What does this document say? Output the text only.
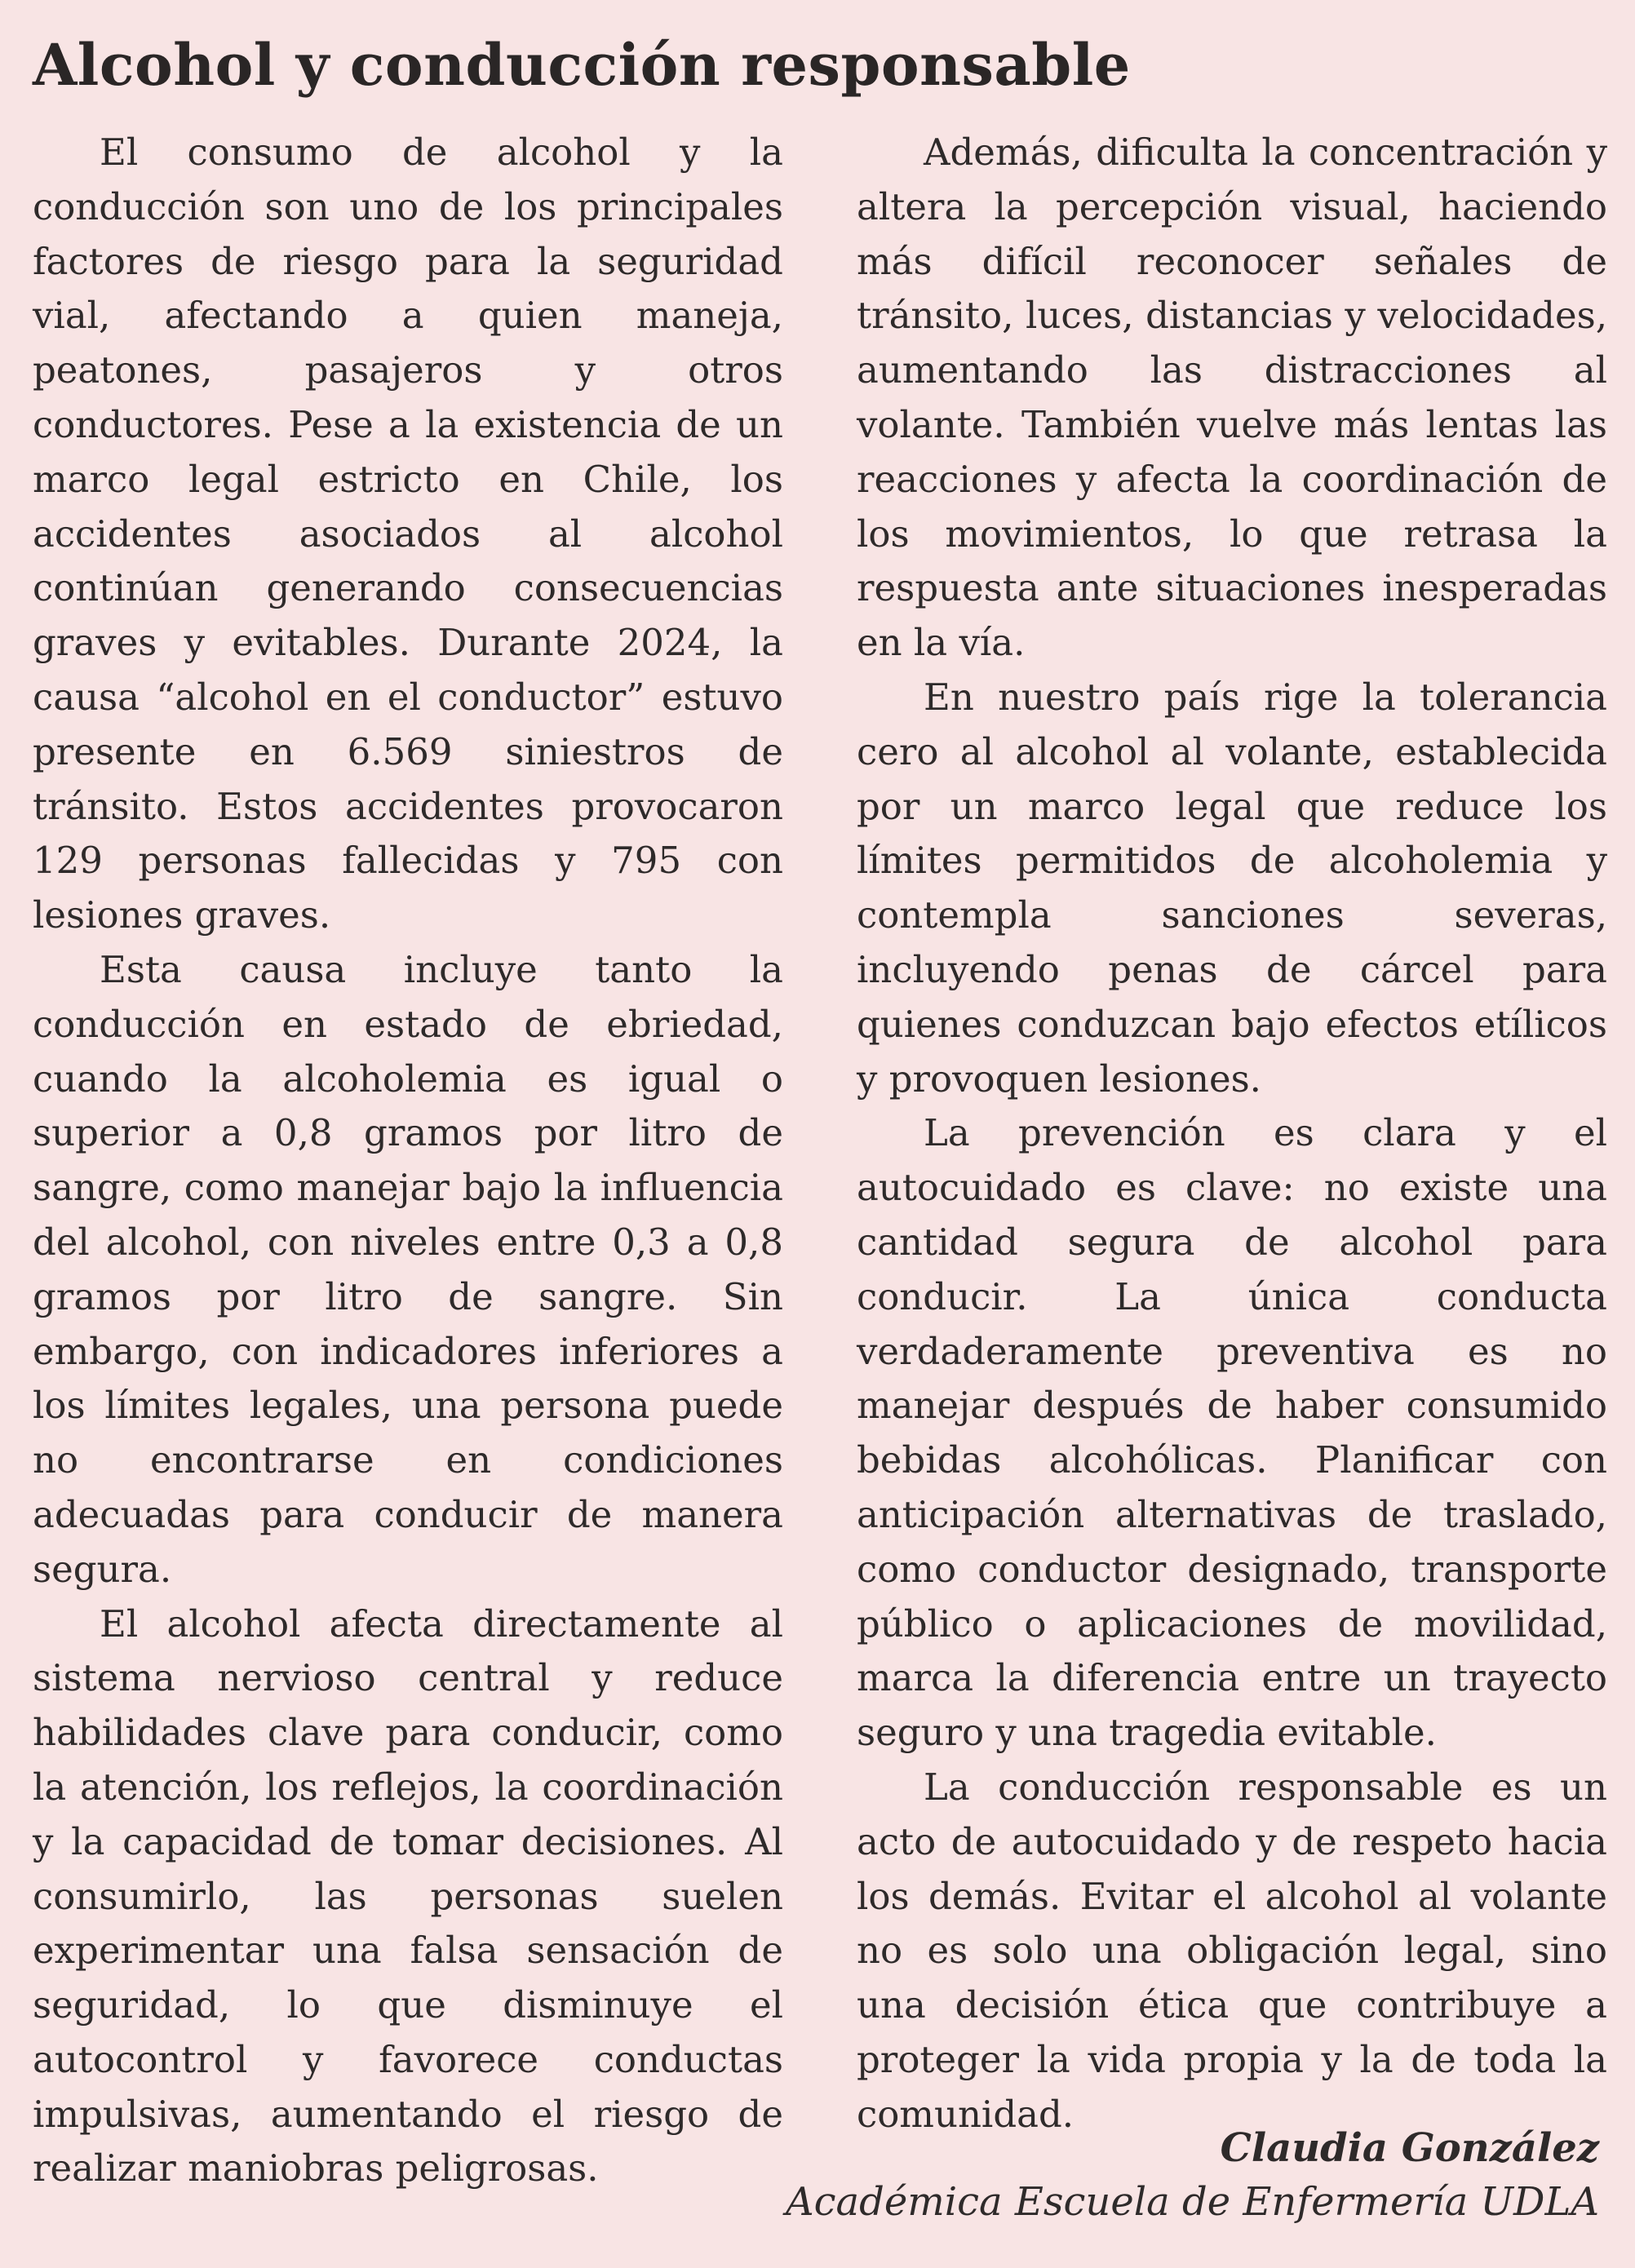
Alcohol y conducción responsable

El consumo de alcohol y la conducción son uno de los principales factores de riesgo para la seguridad vial, afectando a quien maneja, peatones, pasajeros y otros conductores. Pese a la existencia de un marco legal estricto en Chile, los accidentes asociados al alcohol continúan generando consecuencias graves y evitables. Durante 2024, la causa “alcohol en el conductor” estuvo presente en 6.569 siniestros de tránsito. Estos accidentes provocaron 129 personas fallecidas y 795 con lesiones graves.

Esta causa incluye tanto la conducción en estado de ebriedad, cuando la alcoholemia es igual o superior a 0,8 gramos por litro de sangre, como manejar bajo la influencia del alcohol, con niveles entre 0,3 a 0,8 gramos por litro de sangre. Sin embargo, con indicadores inferiores a los límites legales, una persona puede no encontrarse en condiciones adecuadas para conducir de manera segura.

El alcohol afecta directamente al sistema nervioso central y reduce habilidades clave para conducir, como la atención, los reflejos, la coordinación y la capacidad de tomar decisiones. Al consumirlo, las personas suelen experimentar una falsa sensación de seguridad, lo que disminuye el autocontrol y favorece conductas impulsivas, aumentando el riesgo de realizar maniobras peligrosas.

Además, dificulta la concentración y altera la percepción visual, haciendo más difícil reconocer señales de tránsito, luces, distancias y velocidades, aumentando las distracciones al volante. También vuelve más lentas las reacciones y afecta la coordinación de los movimientos, lo que retrasa la respuesta ante situaciones inesperadas en la vía.

En nuestro país rige la tolerancia cero al alcohol al volante, establecida por un marco legal que reduce los límites permitidos de alcoholemia y contempla sanciones severas, incluyendo penas de cárcel para quienes conduzcan bajo efectos etílicos y provoquen lesiones.

La prevención es clara y el autocuidado es clave: no existe una cantidad segura de alcohol para conducir. La única conducta verdaderamente preventiva es no manejar después de haber consumido bebidas alcohólicas. Planificar con anticipación alternativas de traslado, como conductor designado, transporte público o aplicaciones de movilidad, marca la diferencia entre un trayecto seguro y una tragedia evitable.

La conducción responsable es un acto de autocuidado y de respeto hacia los demás. Evitar el alcohol al volante no es solo una obligación legal, sino una decisión ética que contribuye a proteger la vida propia y la de toda la comunidad.

Claudia González
Académica Escuela de Enfermería UDLA
